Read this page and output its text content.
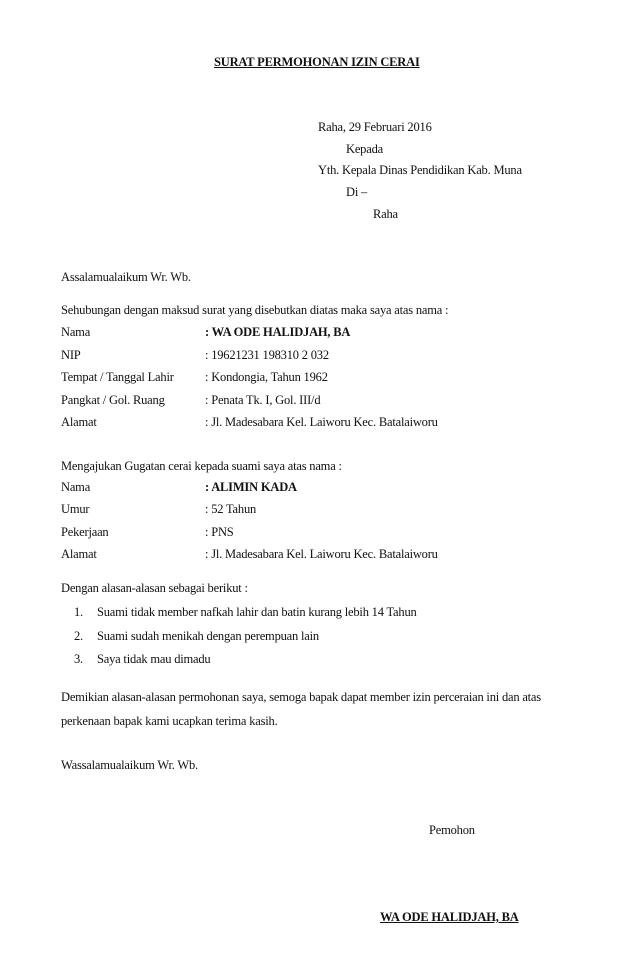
SURAT PERMOHONAN IZIN CERAI
Raha, 29 Februari 2016
Kepada
Yth. Kepala Dinas Pendidikan Kab. Muna
Di –
Raha
Assalamualaikum Wr. Wb.
Sehubungan dengan maksud surat yang disebutkan diatas maka saya atas nama :
Nama	: WA ODE HALIDJAH, BA
NIP	: 19621231 198310 2 032
Tempat / Tanggal Lahir	: Kondongia, Tahun 1962
Pangkat / Gol. Ruang	: Penata Tk. I, Gol. III/d
Alamat	: Jl. Madesabara Kel. Laiworu Kec. Batalaiworu
Mengajukan Gugatan cerai kepada suami saya atas nama :
Nama	: ALIMIN KADA
Umur	: 52 Tahun
Pekerjaan	: PNS
Alamat	: Jl. Madesabara Kel. Laiworu Kec. Batalaiworu
Dengan alasan-alasan sebagai berikut :
1. Suami tidak member nafkah lahir dan batin kurang lebih 14 Tahun
2. Suami sudah menikah dengan perempuan lain
3. Saya tidak mau dimadu
Demikian alasan-alasan permohonan saya, semoga bapak dapat member izin perceraian ini dan atas
perkenaan bapak kami ucapkan terima kasih.
Wassalamualaikum Wr. Wb.
Pemohon
WA ODE HALIDJAH, BA
